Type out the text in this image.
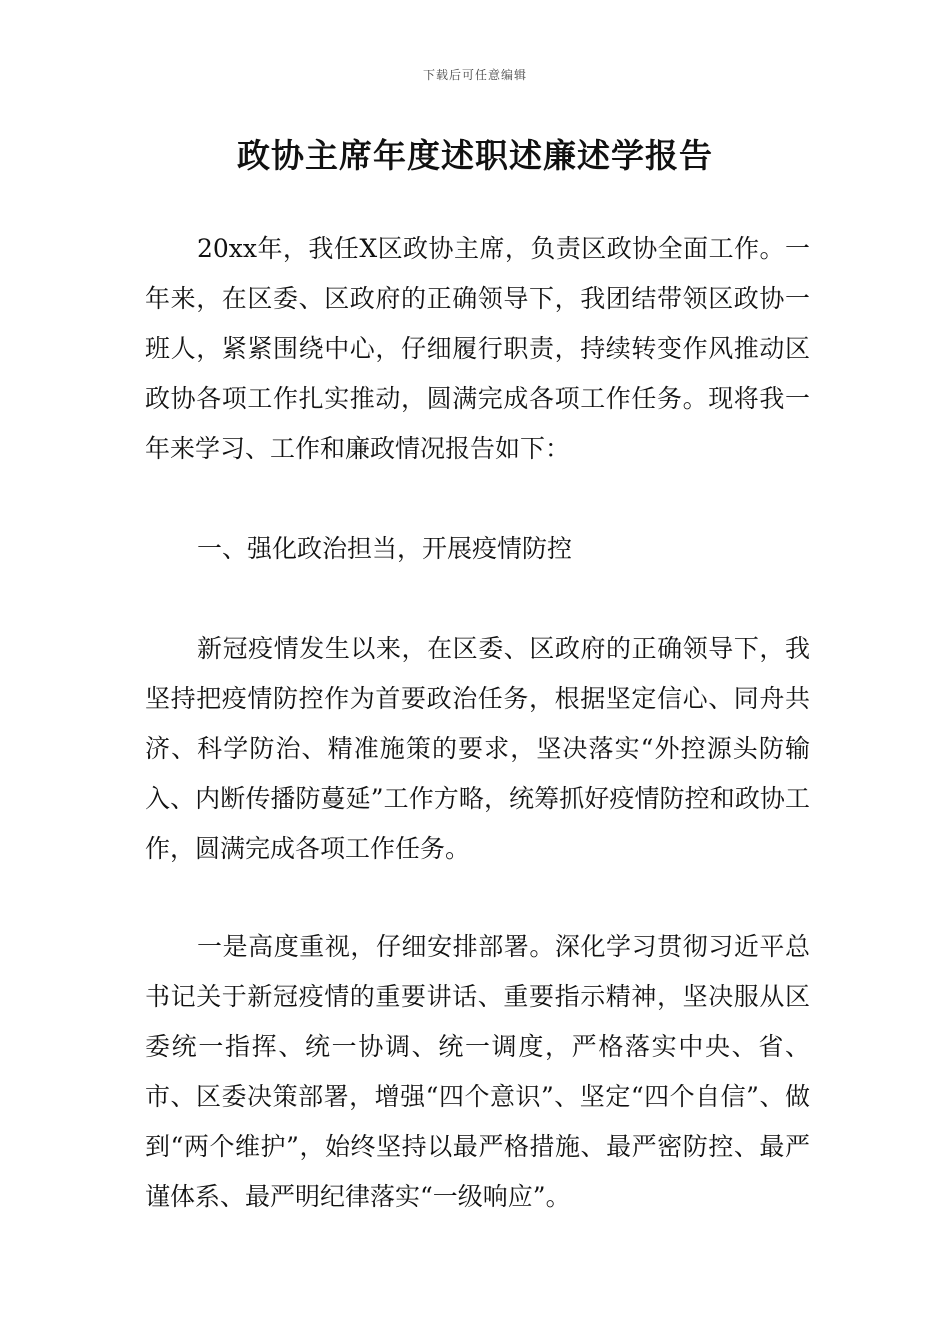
下载后可任意编辑
政协主席年度述职述廉述学报告

20xx年，我任X区政协主席，负责区政协全面工作。一年来，在区委、区政府的正确领导下，我团结带领区政协一班人，紧紧围绕中心，仔细履行职责，持续转变作风推动区政协各项工作扎实推动，圆满完成各项工作任务。现将我一年来学习、工作和廉政情况报告如下：

一、强化政治担当，开展疫情防控

新冠疫情发生以来，在区委、区政府的正确领导下，我坚持把疫情防控作为首要政治任务，根据坚定信心、同舟共济、科学防治、精准施策的要求，坚决落实“外控源头防输入、内断传播防蔓延”工作方略，统筹抓好疫情防控和政协工作，圆满完成各项工作任务。

一是高度重视，仔细安排部署。深化学习贯彻习近平总书记关于新冠疫情的重要讲话、重要指示精神，坚决服从区委统一指挥、统一协调、统一调度，严格落实中央、省、市、区委决策部署，增强“四个意识”、坚定“四个自信”、做到“两个维护”，始终坚持以最严格措施、最严密防控、最严谨体系、最严明纪律落实“一级响应”。
